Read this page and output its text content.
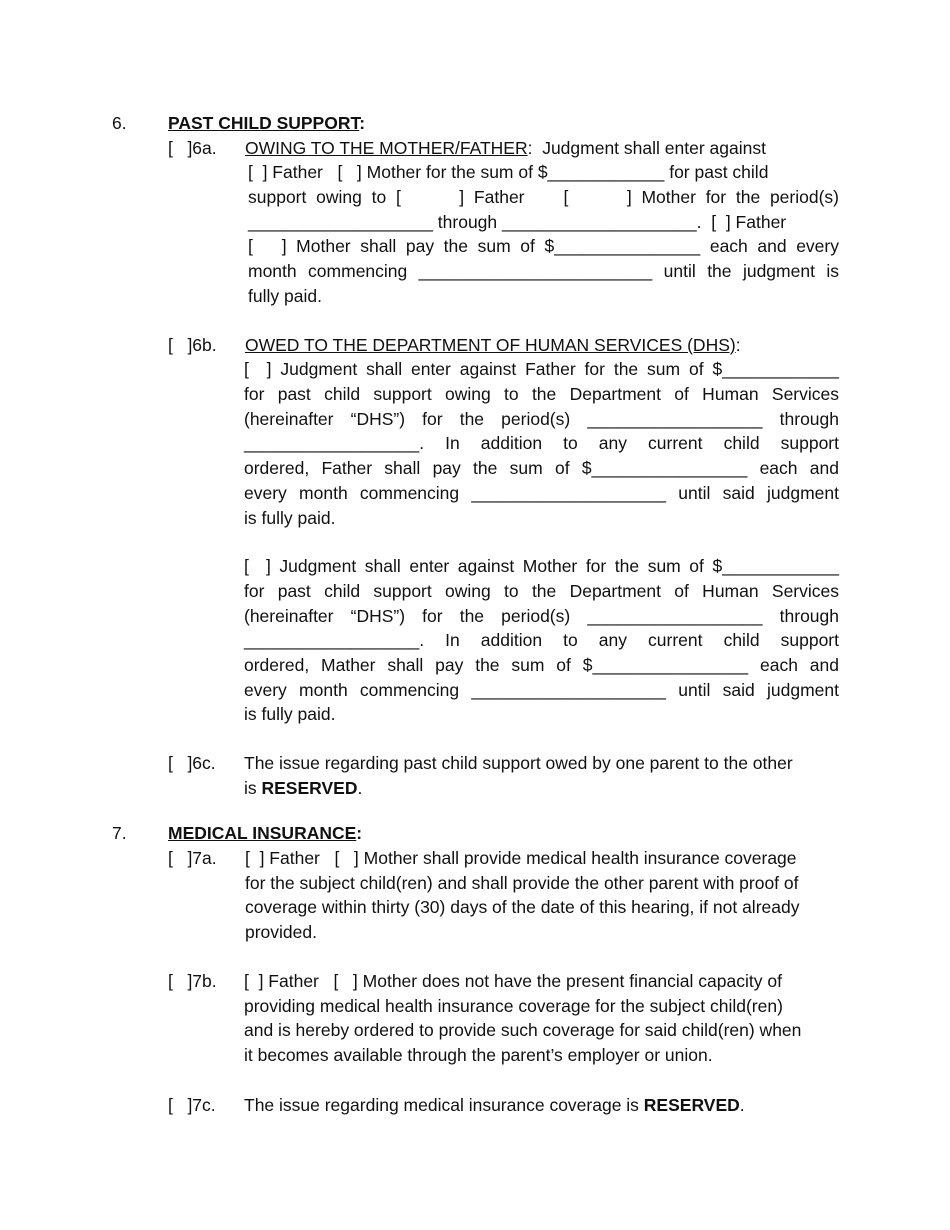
6. PAST CHILD SUPPORT:
[   ]6a. OWING TO THE MOTHER/FATHER:  Judgment shall enter against
[  ] Father   [   ] Mother for the sum of $____________ for past child
support owing to [      ] Father    [      ] Mother for the period(s)
___________________ through ____________________.  [  ] Father
[   ] Mother shall pay the sum of $_______________ each and every
month commencing ________________________ until the judgment is
fully paid.
[   ]6b. OWED TO THE DEPARTMENT OF HUMAN SERVICES (DHS):
[  ] Judgment shall enter against Father for the sum of $____________
for past child support owing to the Department of Human Services
(hereinafter “DHS”) for the period(s) __________________ through
__________________. In addition to any current child support
ordered, Father shall pay the sum of $________________ each and
every month commencing ____________________ until said judgment
is fully paid.
[  ] Judgment shall enter against Mother for the sum of $____________
for past child support owing to the Department of Human Services
(hereinafter “DHS”) for the period(s) __________________ through
__________________. In addition to any current child support
ordered, Mather shall pay the sum of $________________ each and
every month commencing ____________________ until said judgment
is fully paid.
[   ]6c. The issue regarding past child support owed by one parent to the other
is RESERVED.
7. MEDICAL INSURANCE:
[   ]7a. [  ] Father   [   ] Mother shall provide medical health insurance coverage
for the subject child(ren) and shall provide the other parent with proof of
coverage within thirty (30) days of the date of this hearing, if not already
provided.
[   ]7b. [  ] Father   [   ] Mother does not have the present financial capacity of
providing medical health insurance coverage for the subject child(ren)
and is hereby ordered to provide such coverage for said child(ren) when
it becomes available through the parent’s employer or union.
[   ]7c. The issue regarding medical insurance coverage is RESERVED.
